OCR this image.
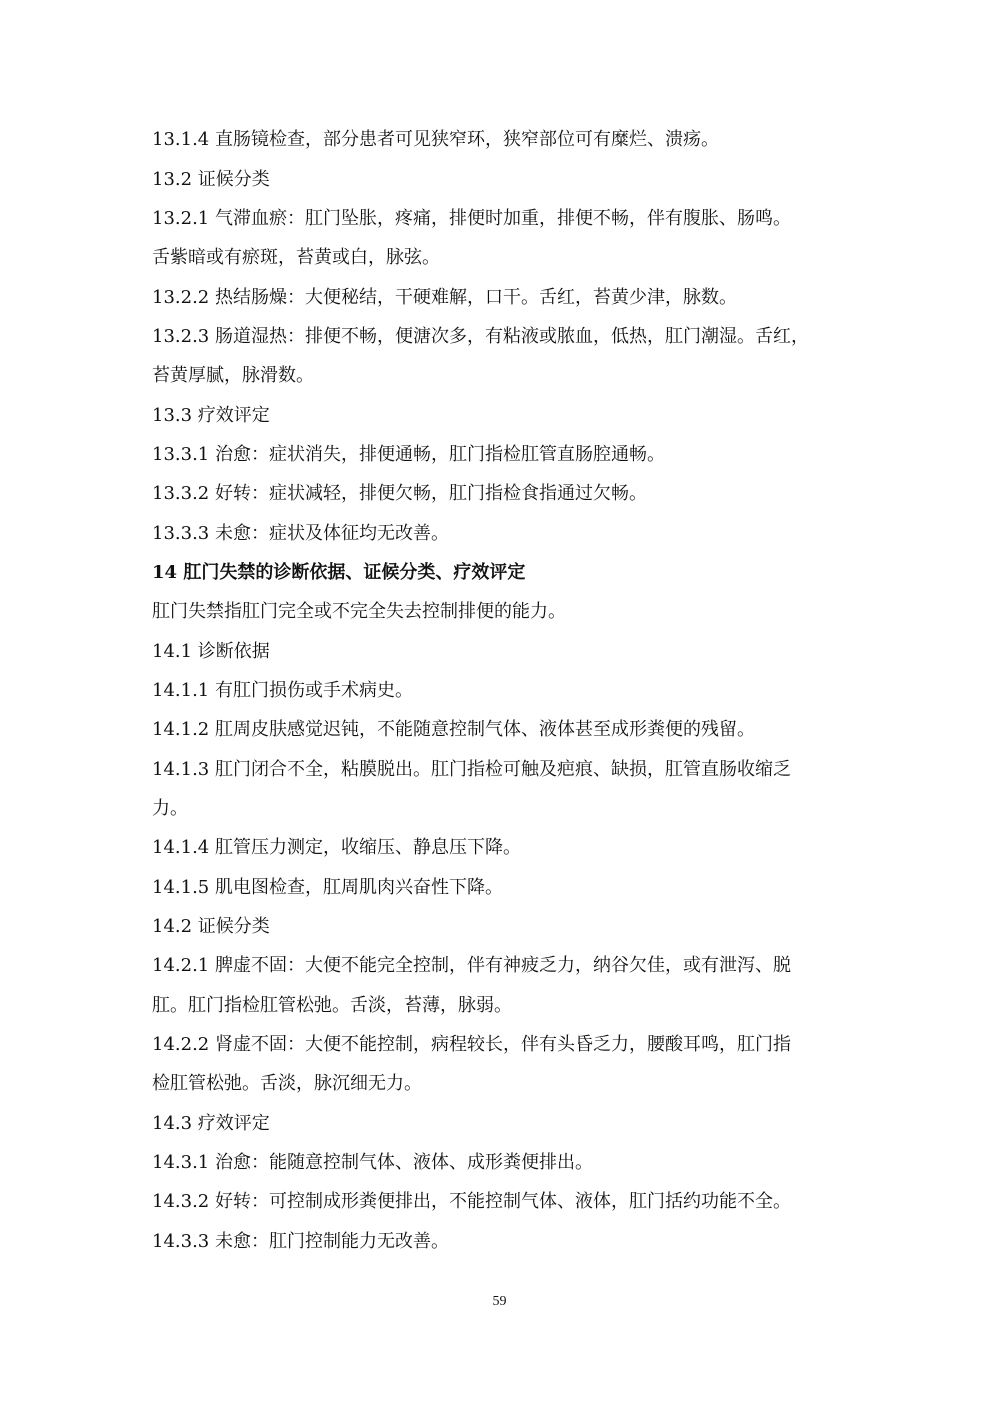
13.1.4 直肠镜检查，部分患者可见狭窄环，狭窄部位可有糜烂、溃疡。
13.2 证候分类
13.2.1 气滞血瘀：肛门坠胀，疼痛，排便时加重，排便不畅，伴有腹胀、肠鸣。
舌紫暗或有瘀斑，苔黄或白，脉弦。
13.2.2 热结肠燥：大便秘结，干硬难解，口干。舌红，苔黄少津，脉数。
13.2.3 肠道湿热：排便不畅，便溏次多，有粘液或脓血，低热，肛门潮湿。舌红，
苔黄厚腻，脉滑数。
13.3 疗效评定
13.3.1 治愈：症状消失，排便通畅，肛门指检肛管直肠腔通畅。
13.3.2 好转：症状减轻，排便欠畅，肛门指检食指通过欠畅。
13.3.3 未愈：症状及体征均无改善。
14 肛门失禁的诊断依据、证候分类、疗效评定
肛门失禁指肛门完全或不完全失去控制排便的能力。
14.1 诊断依据
14.1.1 有肛门损伤或手术病史。
14.1.2 肛周皮肤感觉迟钝，不能随意控制气体、液体甚至成形粪便的残留。
14.1.3 肛门闭合不全，粘膜脱出。肛门指检可触及疤痕、缺损，肛管直肠收缩乏
力。
14.1.4 肛管压力测定，收缩压、静息压下降。
14.1.5 肌电图检查，肛周肌肉兴奋性下降。
14.2 证候分类
14.2.1 脾虚不固：大便不能完全控制，伴有神疲乏力，纳谷欠佳，或有泄泻、脱
肛。肛门指检肛管松弛。舌淡，苔薄，脉弱。
14.2.2 肾虚不固：大便不能控制，病程较长，伴有头昏乏力，腰酸耳鸣，肛门指
检肛管松弛。舌淡，脉沉细无力。
14.3 疗效评定
14.3.1 治愈：能随意控制气体、液体、成形粪便排出。
14.3.2 好转：可控制成形粪便排出，不能控制气体、液体，肛门括约功能不全。
14.3.3 未愈：肛门控制能力无改善。
59
